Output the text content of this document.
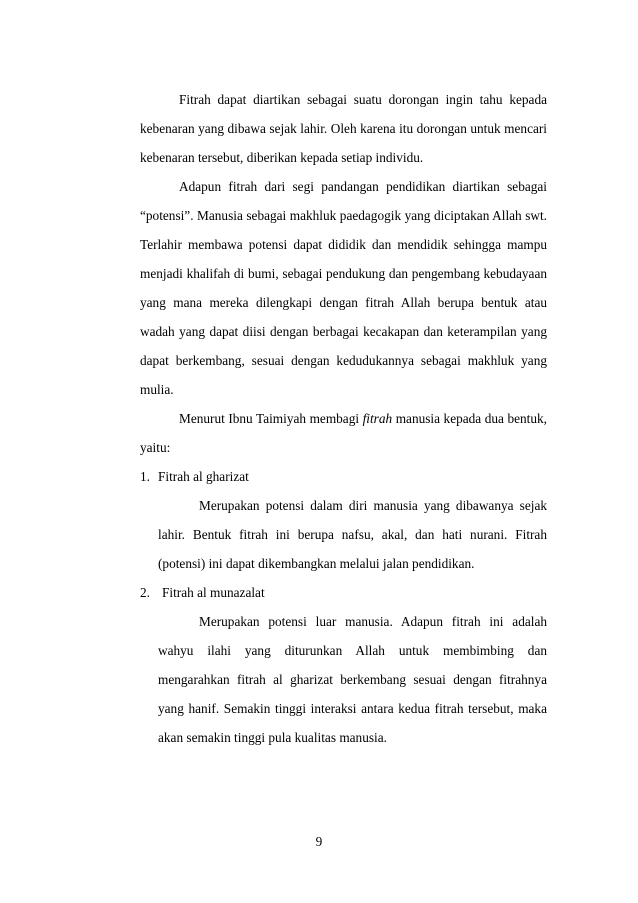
Fitrah dapat diartikan sebagai suatu dorongan ingin tahu kepada kebenaran yang dibawa sejak lahir. Oleh karena itu dorongan untuk mencari kebenaran tersebut, diberikan kepada setiap individu.

Adapun fitrah dari segi pandangan pendidikan diartikan sebagai “potensi”. Manusia sebagai makhluk paedagogik yang diciptakan Allah swt. Terlahir membawa potensi dapat dididik dan mendidik sehingga mampu menjadi khalifah di bumi, sebagai pendukung dan pengembang kebudayaan yang mana mereka dilengkapi dengan fitrah Allah berupa bentuk atau wadah yang dapat diisi dengan berbagai kecakapan dan keterampilan yang dapat berkembang, sesuai dengan kedudukannya sebagai makhluk yang mulia.

Menurut Ibnu Taimiyah membagi fitrah manusia kepada dua bentuk, yaitu:

1. Fitrah al gharizat

Merupakan potensi dalam diri manusia yang dibawanya sejak lahir. Bentuk fitrah ini berupa nafsu, akal, dan hati nurani. Fitrah (potensi) ini dapat dikembangkan melalui jalan pendidikan.

2. Fitrah al munazalat

Merupakan potensi luar manusia. Adapun fitrah ini adalah wahyu ilahi yang diturunkan Allah untuk membimbing dan mengarahkan fitrah al gharizat berkembang sesuai dengan fitrahnya yang hanif. Semakin tinggi interaksi antara kedua fitrah tersebut, maka akan semakin tinggi pula kualitas manusia.

9
